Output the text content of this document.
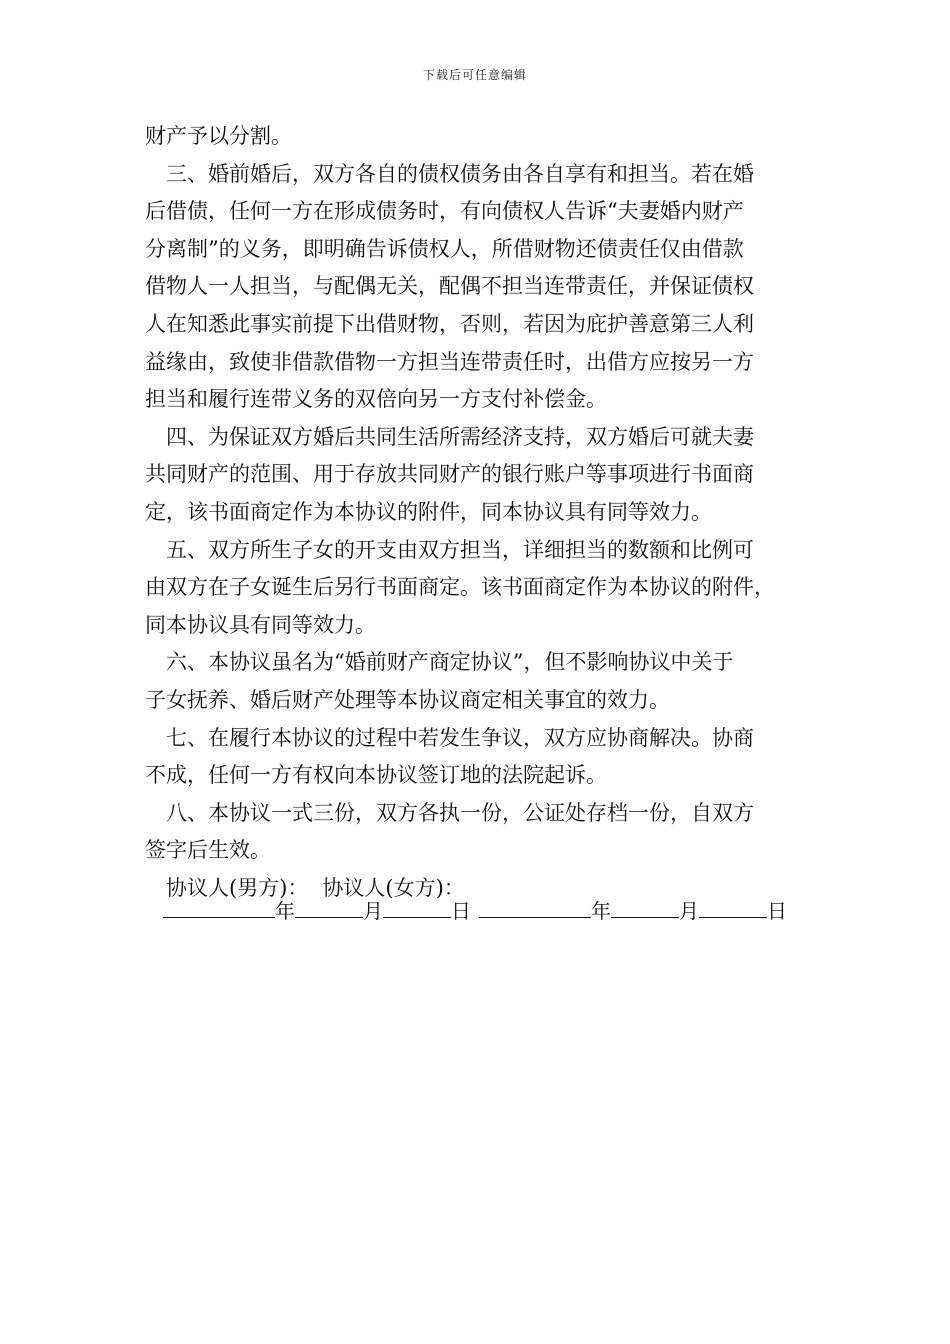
下载后可任意编辑
财产予以分割。
三、婚前婚后，双方各自的债权债务由各自享有和担当。若在婚
后借债，任何一方在形成债务时，有向债权人告诉“夫妻婚内财产
分离制”的义务，即明确告诉债权人，所借财物还债责任仅由借款
借物人一人担当，与配偶无关，配偶不担当连带责任，并保证债权
人在知悉此事实前提下出借财物，否则，若因为庇护善意第三人利
益缘由，致使非借款借物一方担当连带责任时，出借方应按另一方
担当和履行连带义务的双倍向另一方支付补偿金。
四、为保证双方婚后共同生活所需经济支持，双方婚后可就夫妻
共同财产的范围、用于存放共同财产的银行账户等事项进行书面商
定，该书面商定作为本协议的附件，同本协议具有同等效力。
五、双方所生子女的开支由双方担当，详细担当的数额和比例可
由双方在子女诞生后另行书面商定。该书面商定作为本协议的附件，
同本协议具有同等效力。
六、本协议虽名为“婚前财产商定协议”，但不影响协议中关于
子女抚养、婚后财产处理等本协议商定相关事宜的效力。
七、在履行本协议的过程中若发生争议，双方应协商解决。协商
不成，任何一方有权向本协议签订地的法院起诉。
八、本协议一式三份，双方各执一份，公证处存档一份，自双方
签字后生效。
协议人(男方)： 协议人(女方)：
年	月	日	年	月	日
